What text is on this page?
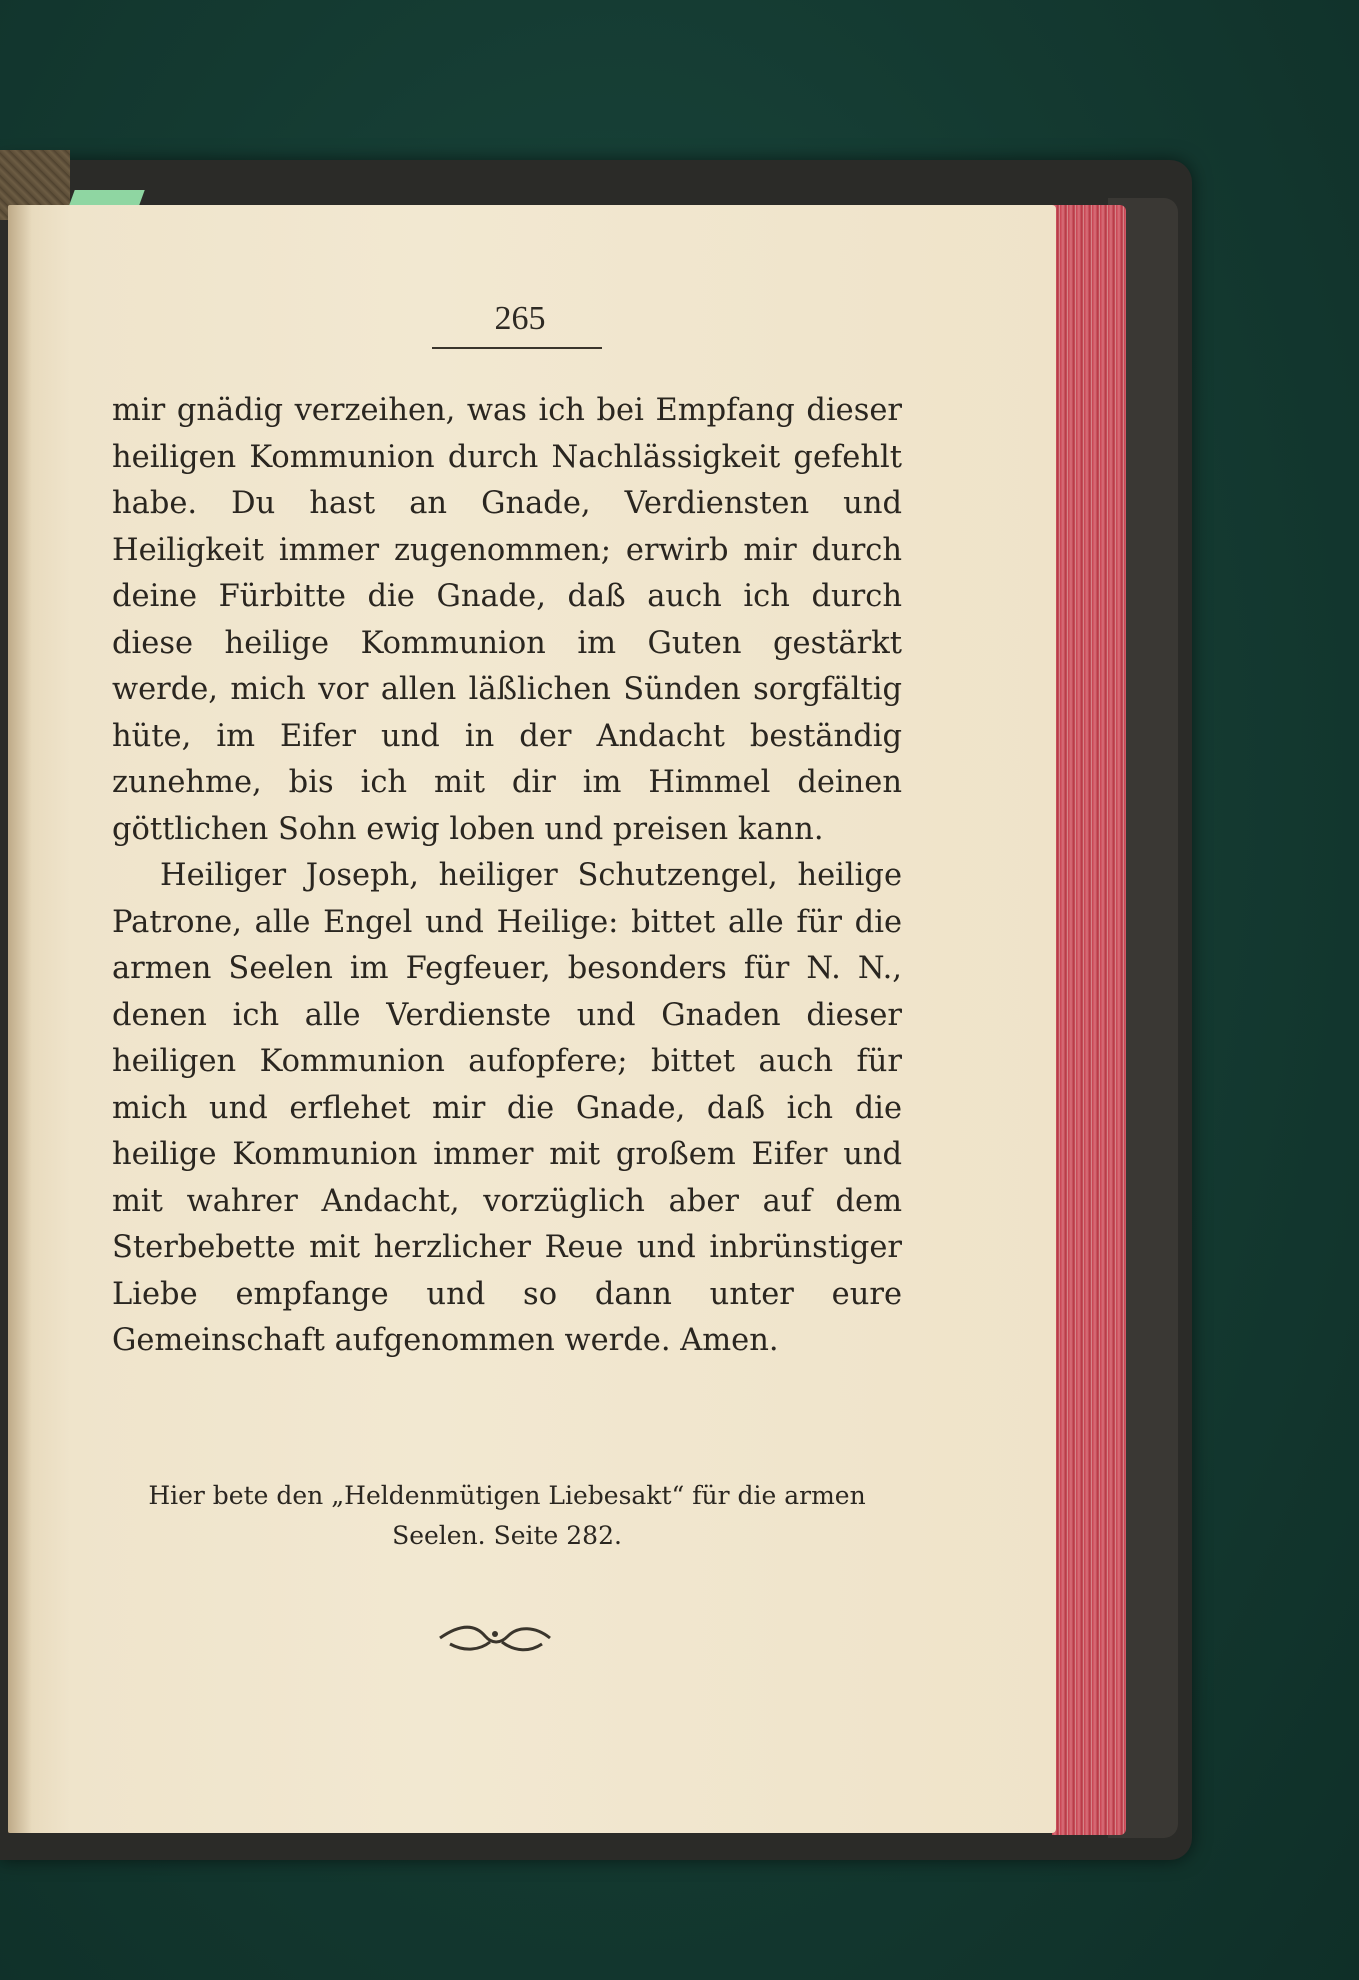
265

mir gnädig verzeihen, was ich bei Empfang dieser heiligen Kommunion durch Nachlässigkeit gefehlt habe. Du hast an Gnade, Verdiensten und Heiligkeit immer zugenommen; erwirb mir durch deine Fürbitte die Gnade, daß auch ich durch diese heilige Kommunion im Guten gestärkt werde, mich vor allen läßlichen Sünden sorgfältig hüte, im Eifer und in der Andacht beständig zunehme, bis ich mit dir im Himmel deinen göttlichen Sohn ewig loben und preisen kann.

Heiliger Joseph, heiliger Schutzengel, heilige Patrone, alle Engel und Heilige: bittet alle für die armen Seelen im Fegfeuer, besonders für N. N., denen ich alle Verdienste und Gnaden dieser heiligen Kommunion aufopfere; bittet auch für mich und erflehet mir die Gnade, daß ich die heilige Kommunion immer mit großem Eifer und mit wahrer Andacht, vorzüglich aber auf dem Sterbebette mit herzlicher Reue und inbrünstiger Liebe empfange und so dann unter eure Gemeinschaft aufgenommen werde. Amen.

Hier bete den „Heldenmütigen Liebesakt“ für die armen Seelen. Seite 282.
